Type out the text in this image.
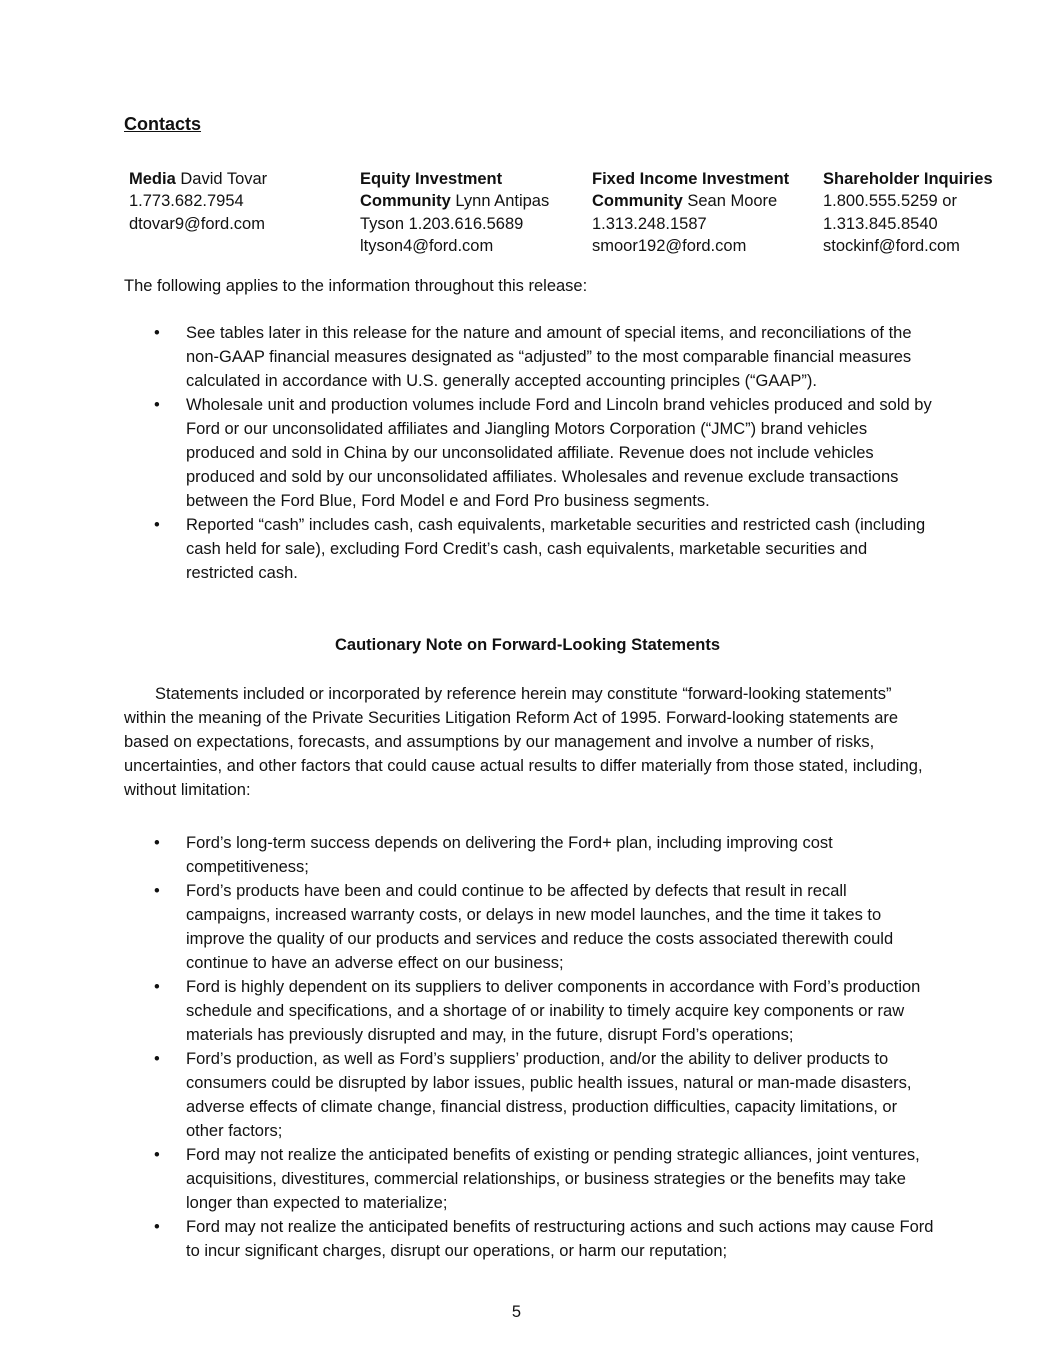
Contacts
Media David Tovar
1.773.682.7954
dtovar9@ford.com
Equity Investment
Community Lynn Antipas
Tyson 1.203.616.5689
ltyson4@ford.com
Fixed Income Investment
Community Sean Moore
1.313.248.1587
smoor192@ford.com
Shareholder Inquiries
1.800.555.5259 or
1.313.845.8540
stockinf@ford.com
The following applies to the information throughout this release:
• See tables later in this release for the nature and amount of special items, and reconciliations of the non-GAAP financial measures designated as “adjusted” to the most comparable financial measures calculated in accordance with U.S. generally accepted accounting principles (“GAAP”).
• Wholesale unit and production volumes include Ford and Lincoln brand vehicles produced and sold by Ford or our unconsolidated affiliates and Jiangling Motors Corporation (“JMC”) brand vehicles produced and sold in China by our unconsolidated affiliate. Revenue does not include vehicles produced and sold by our unconsolidated affiliates. Wholesales and revenue exclude transactions between the Ford Blue, Ford Model e and Ford Pro business segments.
• Reported “cash” includes cash, cash equivalents, marketable securities and restricted cash (including cash held for sale), excluding Ford Credit’s cash, cash equivalents, marketable securities and restricted cash.
Cautionary Note on Forward-Looking Statements
Statements included or incorporated by reference herein may constitute “forward-looking statements” within the meaning of the Private Securities Litigation Reform Act of 1995. Forward-looking statements are based on expectations, forecasts, and assumptions by our management and involve a number of risks, uncertainties, and other factors that could cause actual results to differ materially from those stated, including, without limitation:
• Ford’s long-term success depends on delivering the Ford+ plan, including improving cost competitiveness;
• Ford’s products have been and could continue to be affected by defects that result in recall campaigns, increased warranty costs, or delays in new model launches, and the time it takes to improve the quality of our products and services and reduce the costs associated therewith could continue to have an adverse effect on our business;
• Ford is highly dependent on its suppliers to deliver components in accordance with Ford’s production schedule and specifications, and a shortage of or inability to timely acquire key components or raw materials has previously disrupted and may, in the future, disrupt Ford’s operations;
• Ford’s production, as well as Ford’s suppliers’ production, and/or the ability to deliver products to consumers could be disrupted by labor issues, public health issues, natural or man-made disasters, adverse effects of climate change, financial distress, production difficulties, capacity limitations, or other factors;
• Ford may not realize the anticipated benefits of existing or pending strategic alliances, joint ventures, acquisitions, divestitures, commercial relationships, or business strategies or the benefits may take longer than expected to materialize;
• Ford may not realize the anticipated benefits of restructuring actions and such actions may cause Ford to incur significant charges, disrupt our operations, or harm our reputation;
5
